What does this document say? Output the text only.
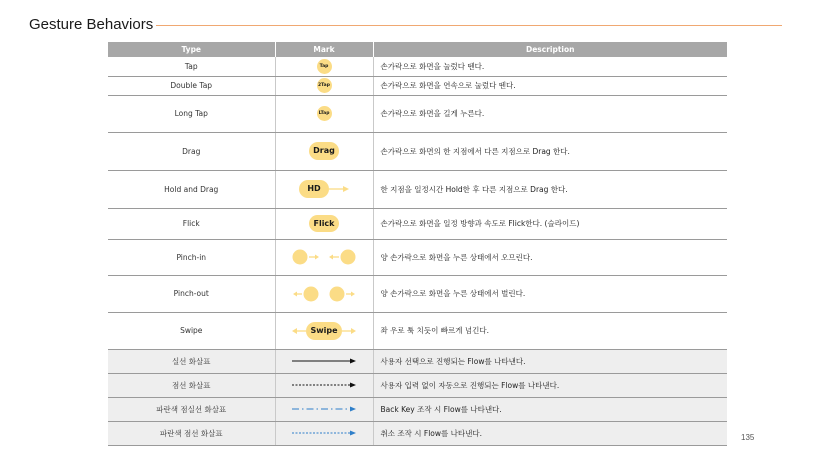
Gesture Behaviors
Type	Mark	Description
Tap	Tap	손가락으로 화면을 눌렀다 뗀다.
Double Tap	2Tap	손가락으로 화면을 연속으로 눌렀다 뗀다.
Long Tap	LTap	손가락으로 화면을 길게 누른다.
Drag	Drag	손가락으로 화면의 한 지점에서 다른 지점으로 Drag 한다.
Hold and Drag	HD	한 지점을 일정시간 Hold한 후 다른 지점으로 Drag 한다.
Flick	Flick	손가락으로 화면을 일정 방향과 속도로 Flick한다. (슬라이드)
Pinch-in		양 손가락으로 화면을 누른 상태에서 오므린다.
Pinch-out		양 손가락으로 화면을 누른 상태에서 벌린다.
Swipe	Swipe	좌 우로 툭 치듯이 빠르게 넘긴다.
실선 화살표		사용자 선택으로 진행되는 Flow를 나타낸다.
점선 화살표		사용자 입력 없이 자동으로 진행되는 Flow를 나타낸다.
파란색 점실선 화살표		Back Key 조작 시 Flow를 나타낸다.
파란색 점선 화살표		취소 조작 시 Flow를 나타낸다.	135
